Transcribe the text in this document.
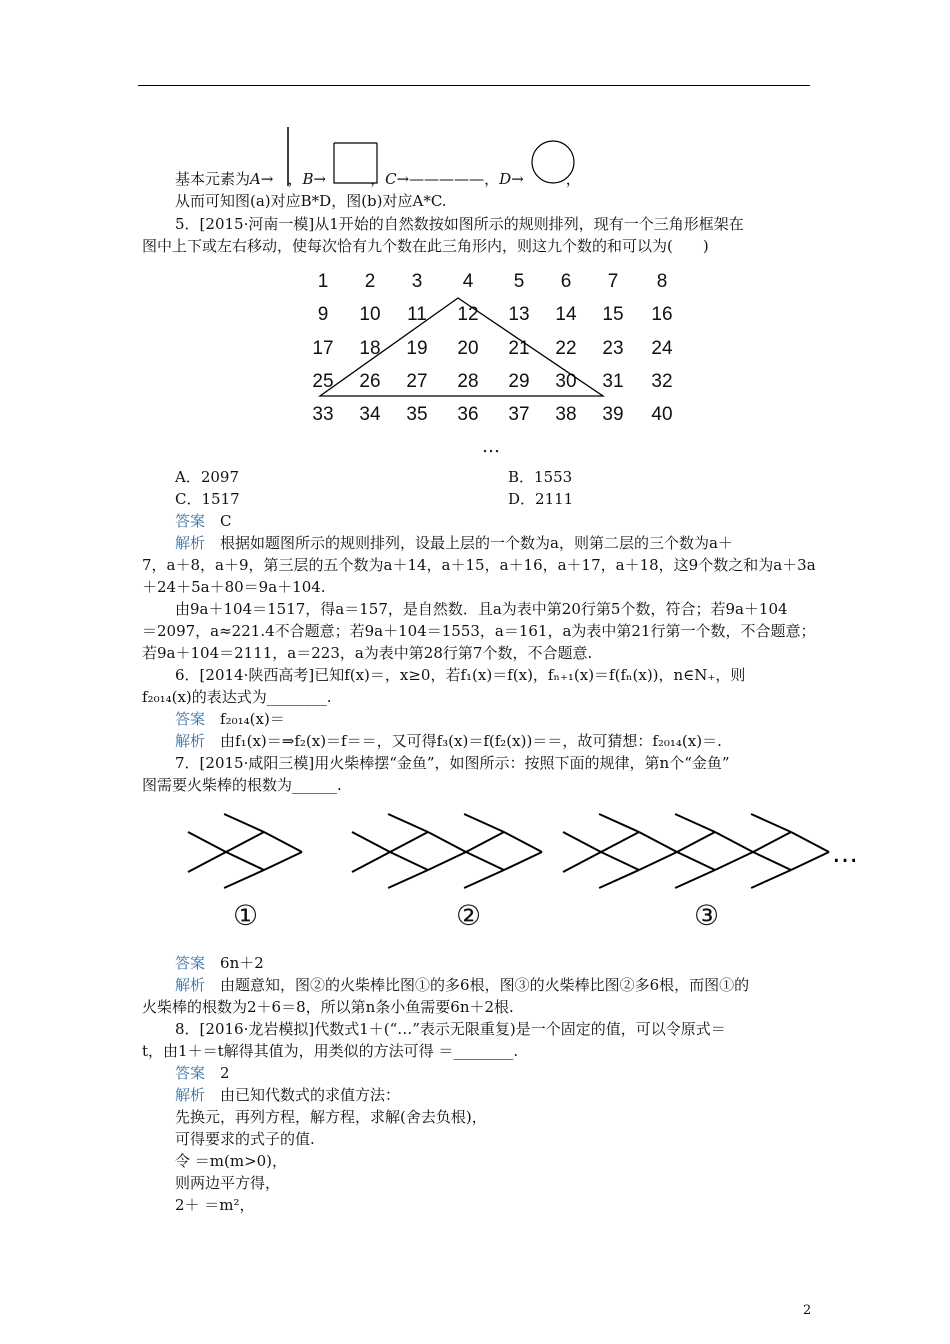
基本元素为A→ ，B→	，C→—————，D→	，
从而可知图(a)对应B*D，图(b)对应A*C.
5．[2015·河南一模]从1开始的自然数按如图所示的规则排列，现有一个三角形框架在
图中上下或左右移动，使每次恰有九个数在此三角形内，则这九个数的和可以为(　　)
1	2	3	4	5	6	7	8
9	10	11	12	13	14	15	16
17	18	19	20	21	22	23	24
25	26	27	28	29	30	31	32
33	34	35	36	37	38	39	40
…
A．2097	B．1553
C．1517	D．2111
答案　 C
解析　 根据如题图所示的规则排列，设最上层的一个数为a，则第二层的三个数为a＋
7，a＋8，a＋9，第三层的五个数为a＋14，a＋15，a＋16，a＋17，a＋18，这9个数之和为a＋3a
＋24＋5a＋80＝9a＋104.
由9a＋104＝1517，得a＝157，是自然数．且a为表中第20行第5个数，符合；若9a＋104
＝2097，a≈221.4不合题意；若9a＋104＝1553，a＝161，a为表中第21行第一个数，不合题意；
若9a＋104＝2111，a＝223，a为表中第28行第7个数，不合题意.
6．[2014·陕西高考]已知f(x)＝，x≥0，若f₁(x)＝f(x)，fₙ₊₁(x)＝f(fₙ(x))，n∈N₊，则
f₂₀₁₄(x)的表达式为________.
答案　 f₂₀₁₄(x)＝
解析　 由f₁(x)＝⇒f₂(x)＝f＝＝，又可得f₃(x)＝f(f₂(x))＝＝，故可猜想：f₂₀₁₄(x)＝.
7．[2015·咸阳三模]用火柴棒摆“金鱼”，如图所示：按照下面的规律，第n个“金鱼”
图需要火柴棒的根数为______.
…
①	②	③
答案　 6n＋2
解析　 由题意知，图②的火柴棒比图①的多6根，图③的火柴棒比图②多6根，而图①的
火柴棒的根数为2＋6＝8，所以第n条小鱼需要6n＋2根.
8．[2016·龙岩模拟]代数式1＋(“…”表示无限重复)是一个固定的值，可以令原式＝
t，由1＋＝t解得其值为，用类似的方法可得 ＝________.
答案　 2
解析　 由已知代数式的求值方法：
先换元，再列方程，解方程，求解(舍去负根)，
可得要求的式子的值.
令 ＝m(m>0)，
则两边平方得，
2＋ ＝m²，
2
